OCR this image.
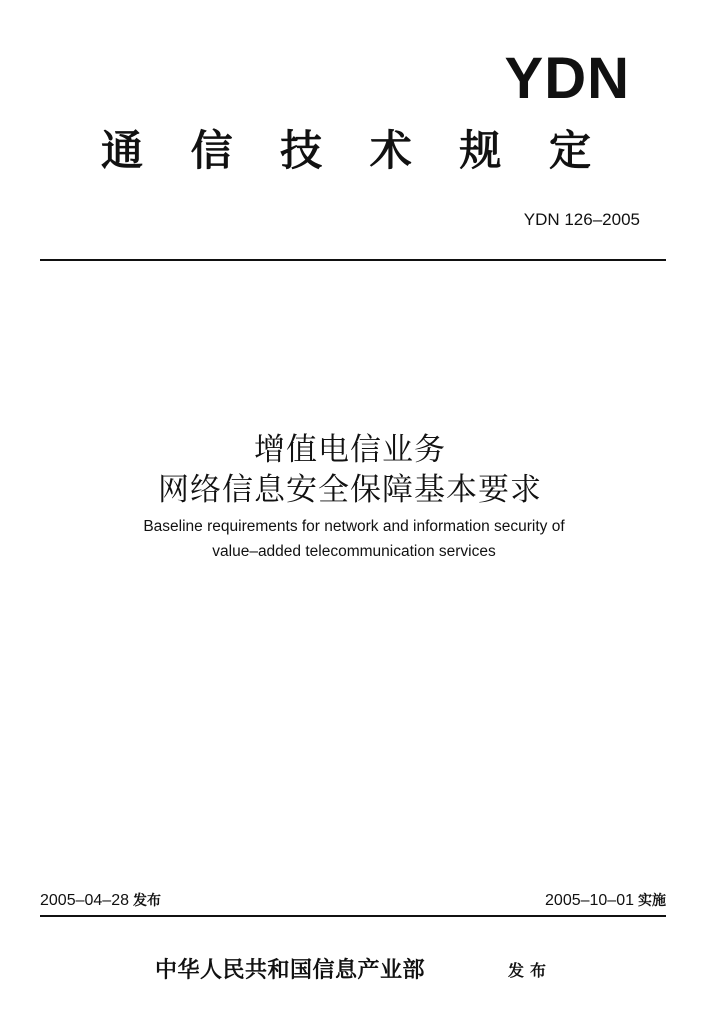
YDN
通 信 技 术 规 定
YDN 126–2005
增值电信业务
网络信息安全保障基本要求
Baseline requirements for network and information security of
value–added telecommunication services
2005–04–28 发布	2005–10–01 实施
中华人民共和国信息产业部	发布
